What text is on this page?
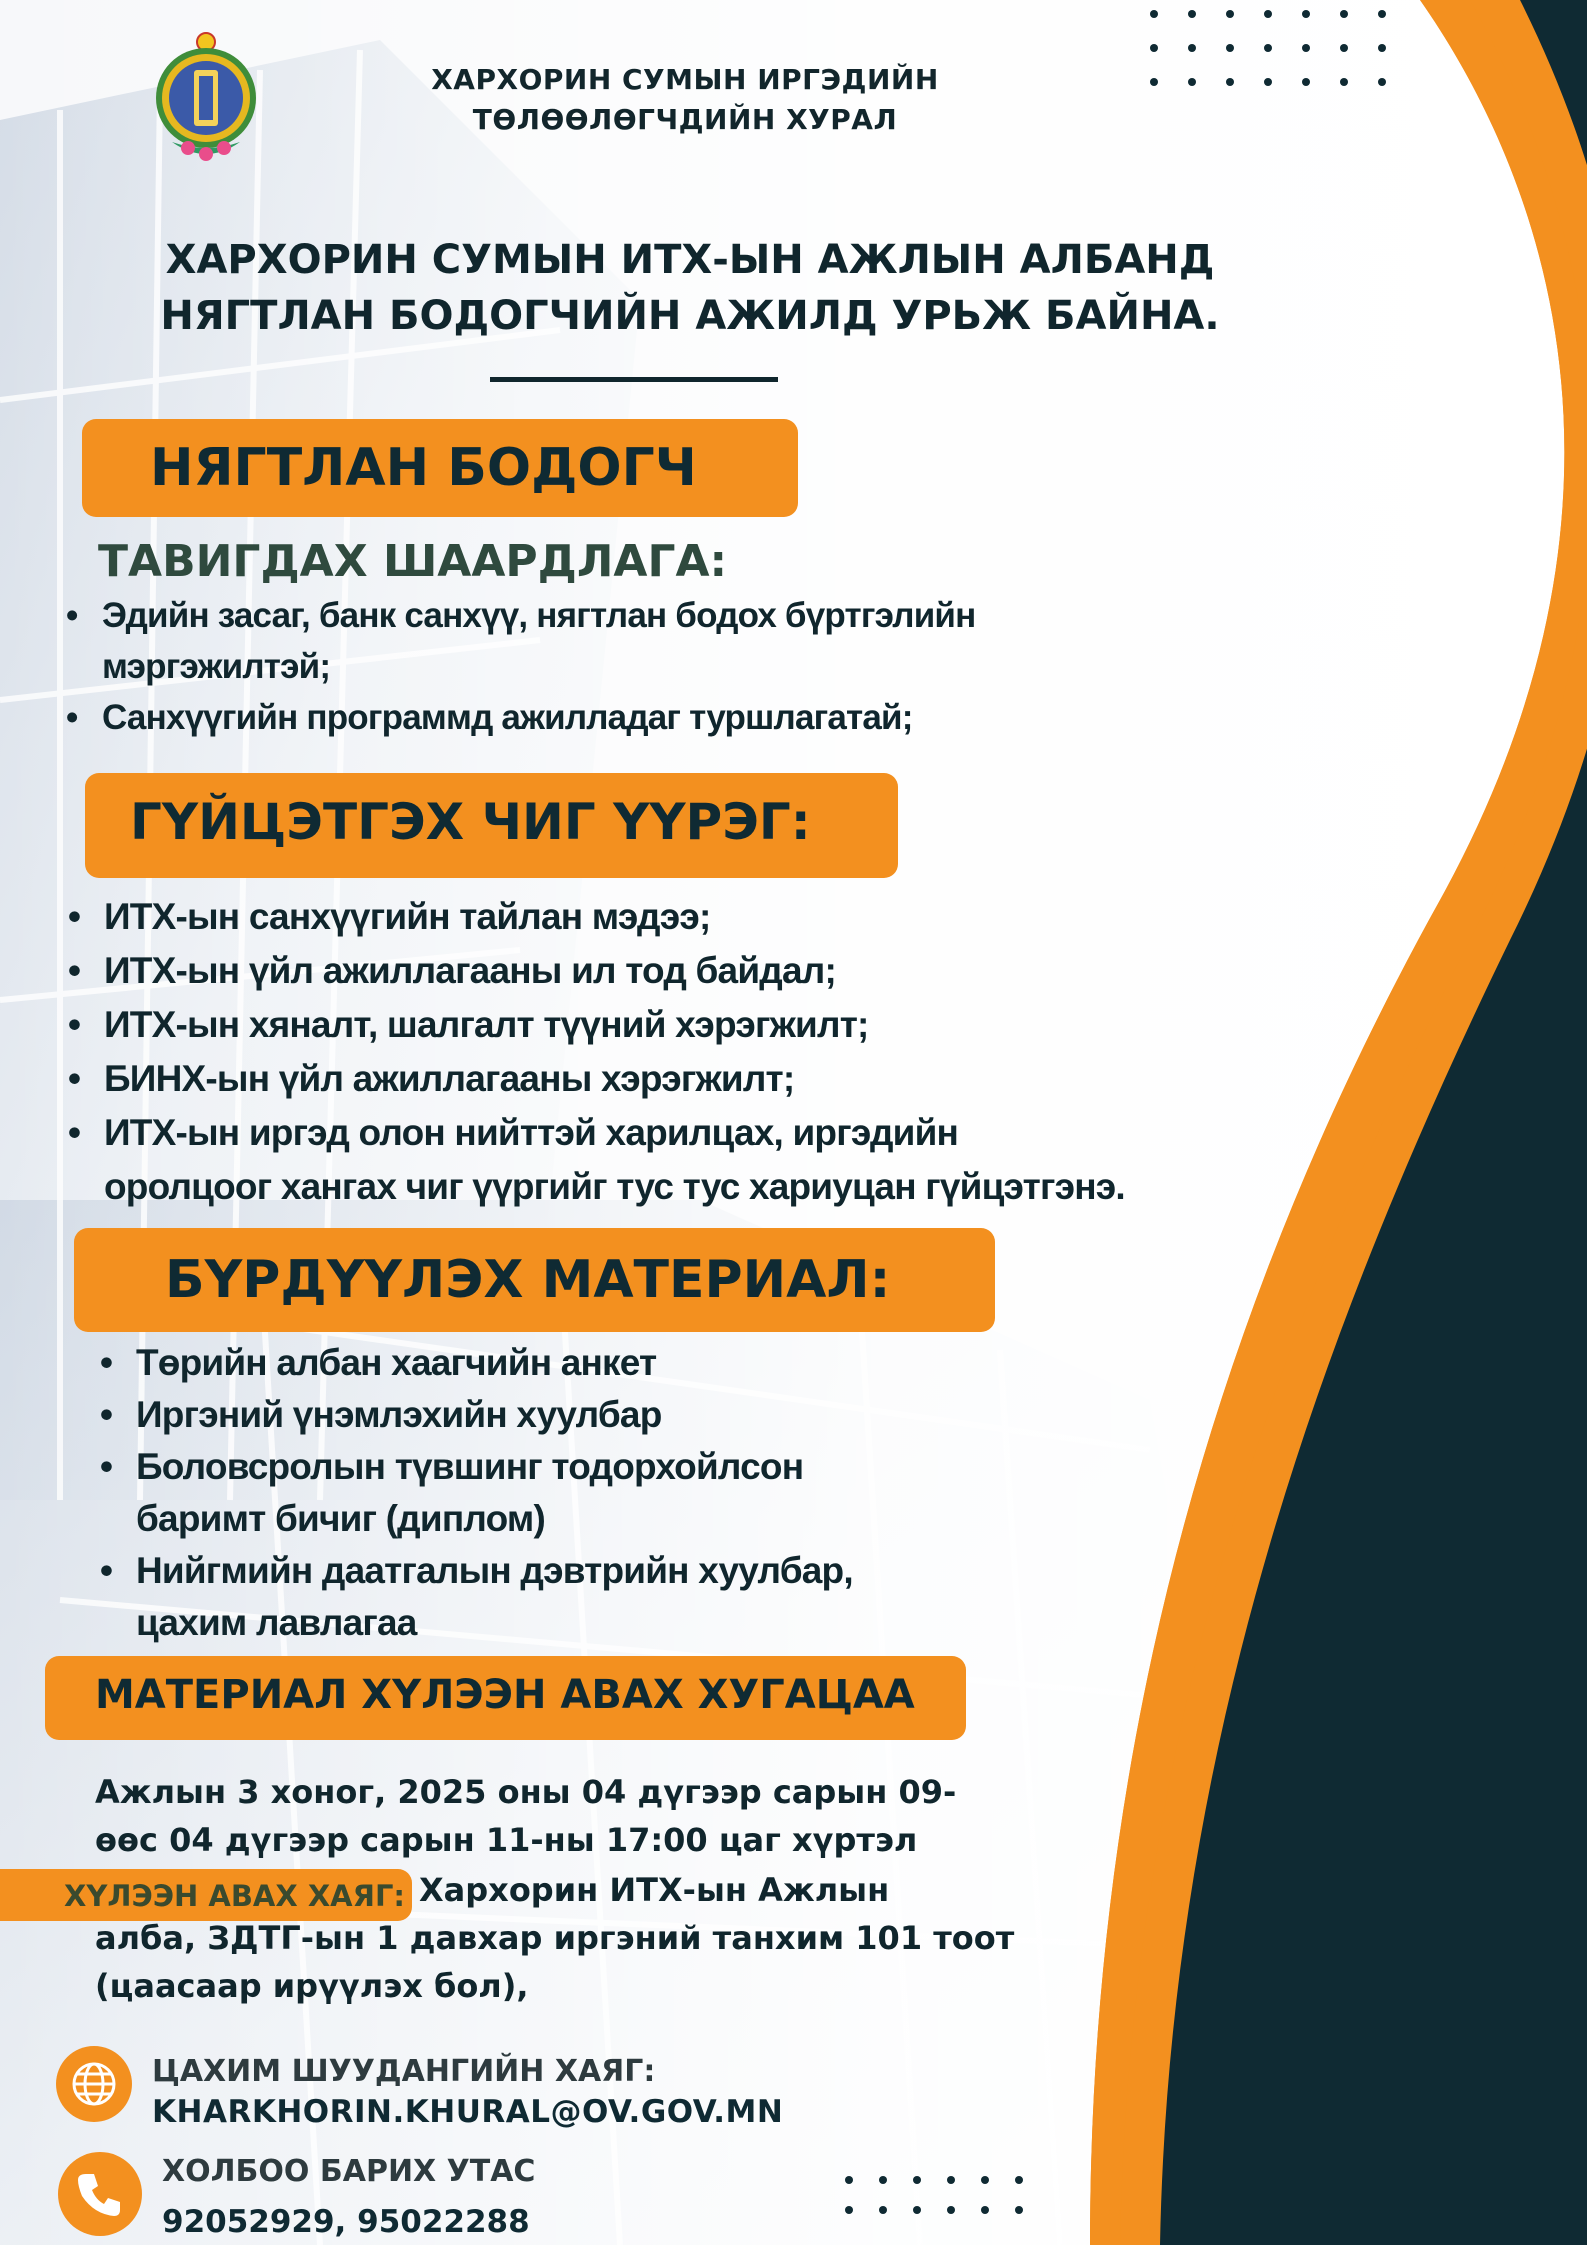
ХАРХОРИН СУМЫН ИРГЭДИЙН
ТӨЛӨӨЛӨГЧДИЙН ХУРАЛ
ХАРХОРИН СУМЫН ИТХ-ЫН АЖЛЫН АЛБАНД
НЯГТЛАН БОДОГЧИЙН АЖИЛД УРЬЖ БАЙНА.
НЯГТЛАН БОДОГЧ
ТАВИГДАХ ШААРДЛАГА:
• Эдийн засаг, банк санхүү, нягтлан бодох бүртгэлийн мэргэжилтэй;
• Санхүүгийн программд ажилладаг туршлагатай;
ГҮЙЦЭТГЭХ ЧИГ ҮҮРЭГ:
• ИТХ-ын санхүүгийн тайлан мэдээ;
• ИТХ-ын үйл ажиллагааны ил тод байдал;
• ИТХ-ын хяналт, шалгалт түүний хэрэгжилт;
• БИНХ-ын үйл ажиллагааны хэрэгжилт;
• ИТХ-ын иргэд олон нийттэй харилцах, иргэдийн оролцоог хангах чиг үүргийг тус тус хариуцан гүйцэтгэнэ.
БҮРДҮҮЛЭХ МАТЕРИАЛ:
• Төрийн албан хаагчийн анкет
• Иргэний үнэмлэхийн хуулбар
• Боловсролын түвшинг тодорхойлсон баримт бичиг (диплом)
• Нийгмийн даатгалын дэвтрийн хуулбар, цахим лавлагаа
МАТЕРИАЛ ХҮЛЭЭН АВАХ ХУГАЦАА
Ажлын 3 хоног, 2025 оны 04 дүгээр сарын 09-
өөс 04 дүгээр сарын 11-ны 17:00 цаг хүртэл
ХҮЛЭЭН АВАХ ХАЯГ: Хархорин ИТХ-ын Ажлын
алба, ЗДТГ-ын 1 давхар иргэний танхим 101 тоот
(цаасаар ирүүлэх бол),
ЦАХИМ ШУУДАНГИЙН ХАЯГ:
KHARKHORIN.KHURAL@OV.GOV.MN
ХОЛБОО БАРИХ УТАС
92052929, 95022288
